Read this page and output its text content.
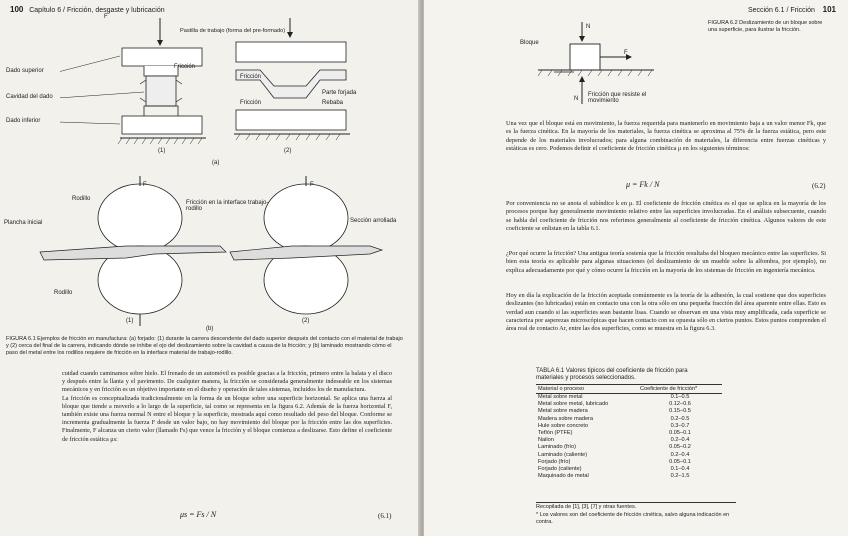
100 Capítulo 6 / Fricción, desgaste y lubricación
F
Dado superior
Cavidad del dado
Dado inferior
Pastilla de trabajo (forma del pre-formado)
Fricción
Fricción
Fricción
Parte forjada
Rebaba
(1)	(2)
(a)
Rodillo
Fricción en la interface trabajo-rodillo
Plancha inicial	Sección arrollada
Rodillo
F	F
(1)	(2)
(b)
FIGURA 6.1 Ejemplos de fricción en manufactura: (a) forjado: (1) durante la carrera descendente del dado superior después del contacto con el material de trabajo y (2) cerca del final de la carrera, indicando dónde se inhibe el ojo del deslizamiento sobre la cavidad a causa de la fricción; y (b) laminado mostrando cómo el paso del metal entre los rodillos requiere de fricción en la interface material de trabajo-rodillo.
cuidad cuando caminamos sobre hielo. El frenado de un automóvil es posible gracias a la fricción, primero entre la balata y el disco y después entre la llanta y el pavimento. De cualquier manera, la fricción se considerada generalmente indeseable en los sistemas mecánicos y en fricción es un objetivo importante en el diseño y operación de tales sistemas, incluidos los de manufactura.
La fricción es conceptualizada tradicionalmente en la forma de un bloque sobre una superficie horizontal. Se aplica una fuerza al bloque que tiende a moverlo a lo largo de la superficie, tal como se representa en la figura 6.2. Además de la fuerza horizontal F, también existe una fuerza normal N entre el bloque y la superficie, mostrada aquí como resultado del peso del bloque. Conforme se incrementa gradualmente la fuerza F desde un valor bajo, no hay movimiento del bloque por la fricción entre las dos superficies. Finalmente, F alcanza un cierto valor (llamado Fs) que vence la fricción y el bloque comienza a deslizarse. Esto define el coeficiente de fricción estática μs:
μs = Fs / N	(6.1)
Sección 6.1 / Fricción 101
Bloque
F
N
N
Fricción que resiste el movimiento
FIGURA 6.2 Deslizamiento de un bloque sobre una superficie, para ilustrar la fricción.
Una vez que el bloque está en movimiento, la fuerza requerida para mantenerlo en movimiento baja a un valor menor Fk, que es la fuerza cinética. En la mayoría de los materiales, la fuerza cinética se aproxima al 75% de la fuerza estática, pero este depende de los materiales involucrados; para alguna combinación de materiales, la diferencia entre fuerzas cinéticas y estáticas es cero. Podemos definir el coeficiente de fricción cinética μ en los siguientes términos:
μ = Fk / N	(6.2)
Por conveniencia no se anota el subíndice k en μ. El coeficiente de fricción cinética es el que se aplica en la mayoría de los procesos porque hay generalmente movimiento relativo entre las superficies involucradas. En el análisis subsecuente, cuando se habla del coeficiente de fricción nos referimos generalmente al coeficiente de fricción cinética. Algunos valores de este coeficiente se enlistan en la tabla 6.1.
¿Por qué ocurre la fricción? Una antigua teoría sostenía que la fricción resultaba del bloqueo mecánico entre las superficies. Si bien esta teoría es aplicable para algunas situaciones (el deslizamiento de un mueble sobre la alfombra, por ejemplo), no explica adecuadamente por qué y cómo ocurre la fricción en la mayoría de los sistemas de fricción en ingeniería mecánica.
Hoy en día la explicación de la fricción aceptada comúnmente es la teoría de la adhesión, la cual sostiene que dos superficies deslizantes (no lubricadas) están en contacto una con la otra sólo en una pequeña fracción del área aparente entre ellas. Esto es verdad aun cuando si las superficies sean bastante lisas. Cuando se observan en una vista muy amplificada, cada superficie se caracteriza por asperezas microscópicas que hacen contacto con su opuesta sólo en ciertos puntos. Estos puntos comprenden el área real de contacto Ar, entre las dos superficies, como se muestra en la figura 6.3.
TABLA 6.1 Valores típicos del coeficiente de fricción para materiales y procesos seleccionados.
Material o proceso	Coeficiente de fricción*
Metal sobre metal	0.1–0.5
Metal sobre metal, lubricado	0.12–0.6
Metal sobre madera	0.15–0.5
Madera sobre madera	0.2–0.5
Hule sobre concreto	0.3–0.7
Teflón (PTFE)	0.05–0.1
Nailon	0.2–0.4
Laminado (frío)	0.05–0.2
Laminado (caliente)	0.2–0.4
Forjado (frío)	0.05–0.1
Forjado (caliente)	0.1–0.4
Maquinado de metal	0.2–1.5
Recopilada de [1], [3], [7] y otras fuentes.
* Los valores son del coeficiente de fricción cinética, salvo alguna indicación en contra.
